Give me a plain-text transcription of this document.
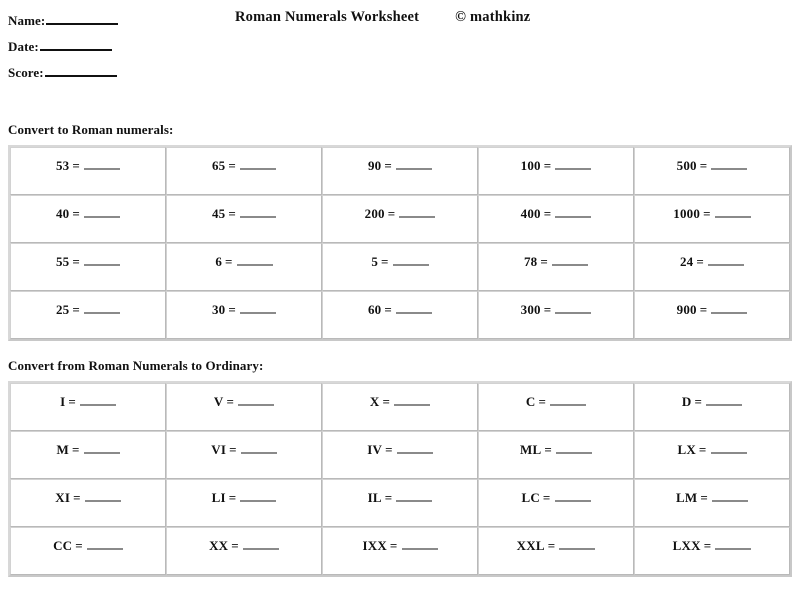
Name:
Date:
Score:
Roman Numerals Worksheet © mathkinz
Convert to Roman numerals:
53 =	65 =	90 =	100 =	500 =
40 =	45 =	200 =	400 =	1000 =
55 =	6 =	5 =	78 =	24 =
25 =	30 =	60 =	300 =	900 =
Convert from Roman Numerals to Ordinary:
I =	V =	X =	C =	D =
M =	VI =	IV =	ML =	LX =
XI =	LI =	IL =	LC =	LM =
CC =	XX =	IXX =	XXL =	LXX =
